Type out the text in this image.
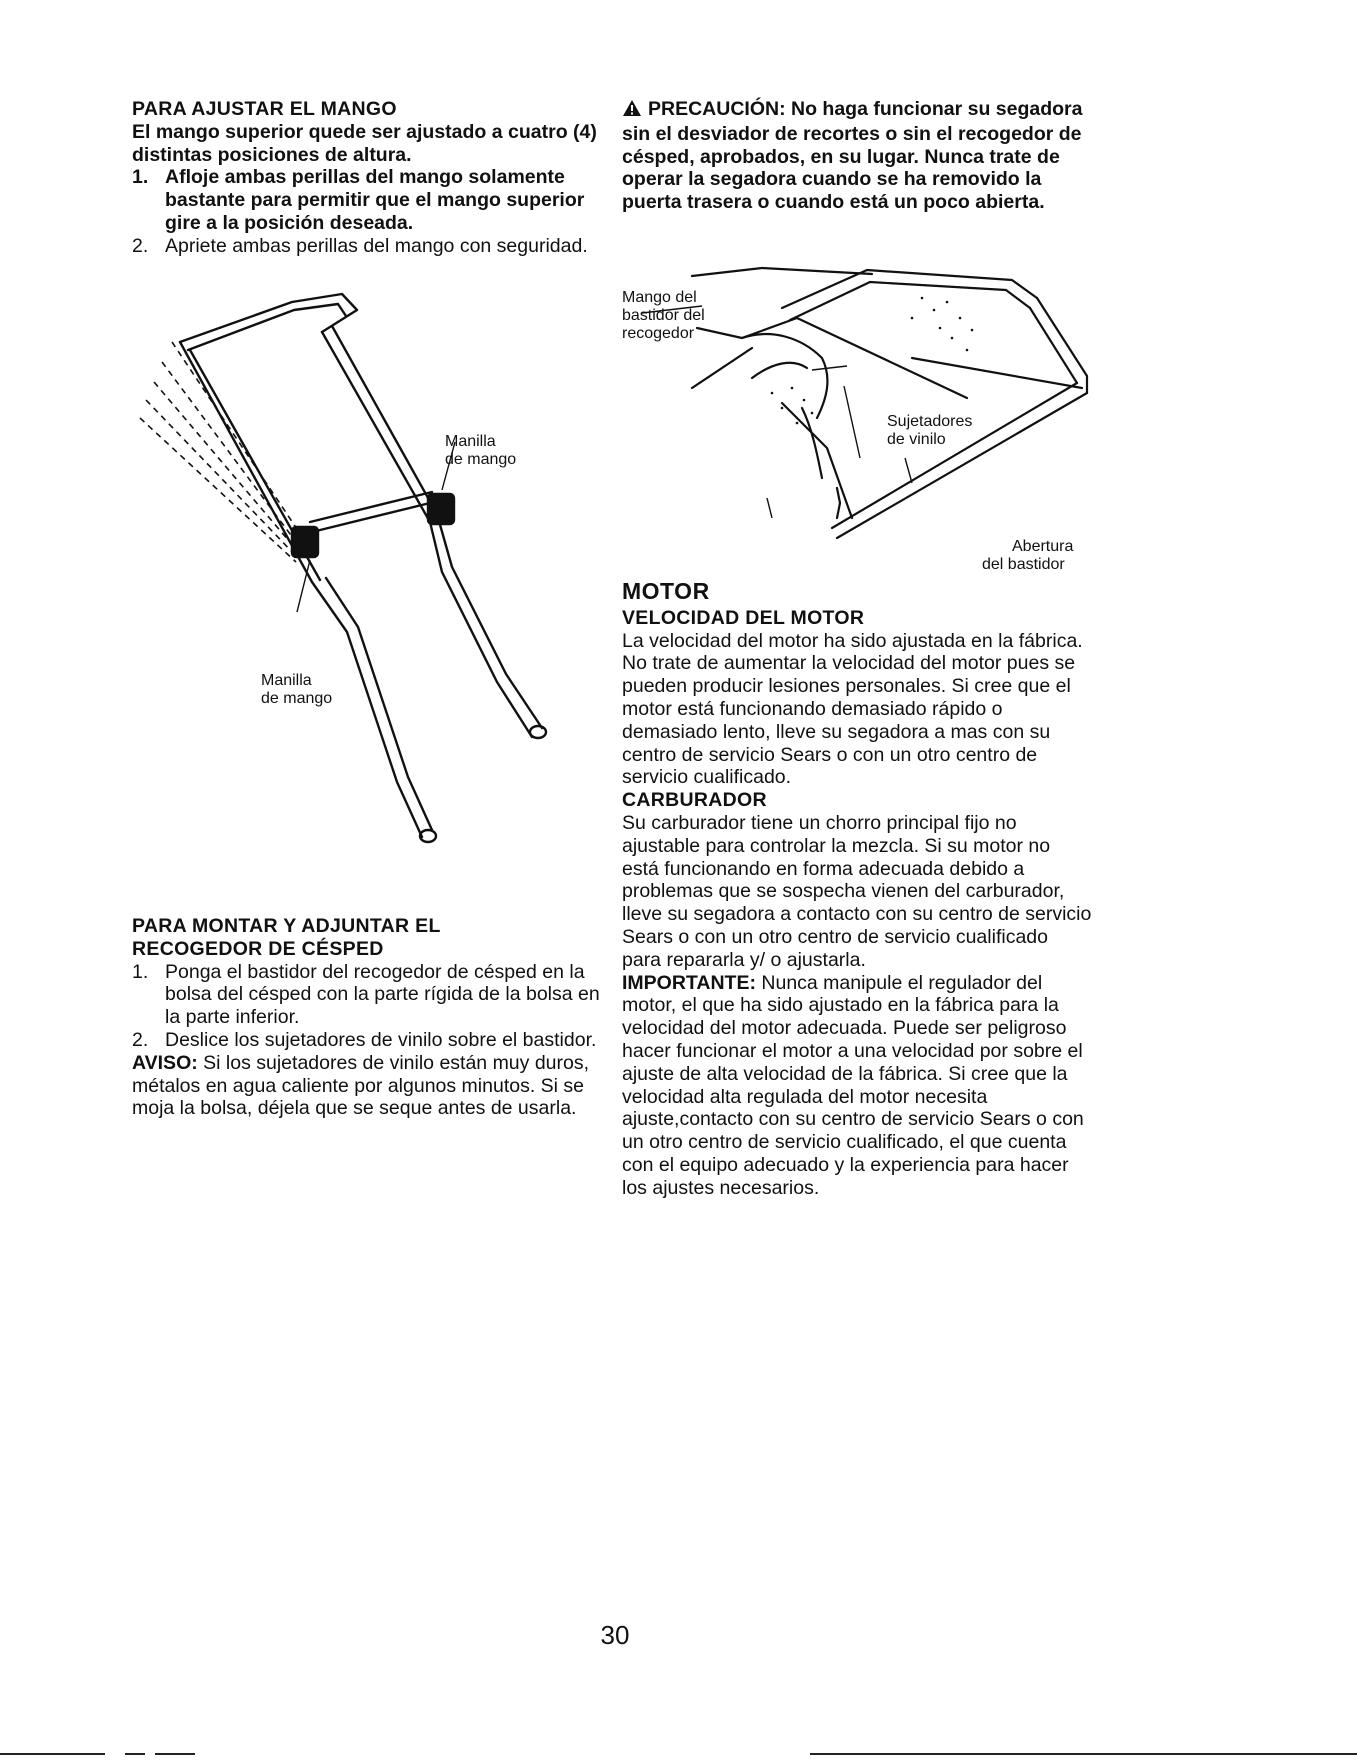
PARA AJUSTAR EL MANGO

El mango superior quede ser ajustado a cuatro (4) distintas posiciones de altura.

1. Afloje ambas perillas del mango solamente bastante para permitir que el mango superior gire a la posición deseada.
2. Apriete ambas perillas del mango con seguridad.
Manilla
de mango
Manilla
de mango
PARA MONTAR Y ADJUNTAR EL
RECOGEDOR DE CÉSPED
1. Ponga el bastidor del recogedor de césped en la bolsa del césped con la parte rígida de la bolsa en la parte inferior.
2. Deslice los sujetadores de vinilo sobre el bastidor.

AVISO: Si los sujetadores de vinilo están muy duros, métalos en agua caliente por algunos minutos. Si se moja la bolsa, déjela que se seque antes de usarla.

PRECAUCIÓN: No haga funcionar su segadora sin el desviador de recortes o sin el recogedor de césped, aprobados, en su lugar. Nunca trate de operar la segadora cuando se ha removido la puerta trasera o cuando está un poco abierta.

Mango del
bastidor del
recogedor
Sujetadores
de vinilo
Abertura
del bastidor
MOTOR
VELOCIDAD DEL MOTOR

La velocidad del motor ha sido ajustada en la fábrica. No trate de aumentar la velocidad del motor pues se pueden producir lesiones personales. Si cree que el motor está funcionando demasiado rápido o demasiado lento, lleve su segadora a mas con su centro de servicio Sears o con un otro centro de servicio cualificado.

CARBURADOR

Su carburador tiene un chorro principal fijo no ajustable para controlar la mezcla. Si su motor no está funcionando en forma adecuada debido a problemas que se sospecha vienen del carburador, lleve su segadora a contacto con su centro de servicio Sears o con un otro centro de servicio cualificado para repararla y/ o ajustarla.

IMPORTANTE: Nunca manipule el regulador del motor, el que ha sido ajustado en la fábrica para la velocidad del motor adecuada. Puede ser peligroso hacer funcionar el motor a una velocidad por sobre el ajuste de alta velocidad de la fábrica. Si cree que la velocidad alta regulada del motor necesita ajuste,contacto con su centro de servicio Sears o con un otro centro de servicio cualificado, el que cuenta con el equipo adecuado y la experiencia para hacer los ajustes necesarios.

30
